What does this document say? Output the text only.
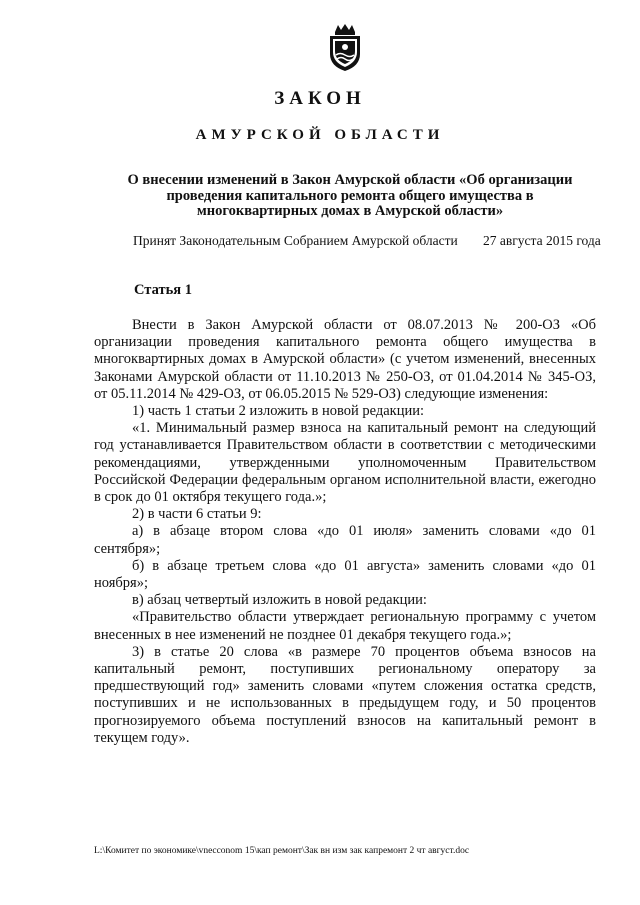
ЗАКОН
АМУРСКОЙ ОБЛАСТИ
О внесении изменений в Закон Амурской области «Об организации
проведения капитального ремонта общего имущества в
многоквартирных домах в Амурской области»
Принят Законодательным Собранием Амурской области 27 августа 2015 года
Статья 1

Внести в Закон Амурской области от 08.07.2013 № 200-ОЗ «Об организации проведения капитального ремонта общего имущества в многоквартирных домах в Амурской области» (с учетом изменений, внесенных Законами Амурской области от 11.10.2013 № 250-ОЗ, от 01.04.2014 № 345-ОЗ, от 05.11.2014 № 429-ОЗ, от 06.05.2015 № 529-ОЗ) следующие изменения:

1) часть 1 статьи 2 изложить в новой редакции:

«1. Минимальный размер взноса на капитальный ремонт на следующий год устанавливается Правительством области в соответствии с методическими рекомендациями, утвержденными уполномоченным Правительством Российской Федерации федеральным органом исполнительной власти, ежегодно в срок до 01 октября текущего года.»;

2) в части 6 статьи 9:

а) в абзаце втором слова «до 01 июля» заменить словами «до 01 сентября»;

б) в абзаце третьем слова «до 01 августа» заменить словами «до 01 ноября»;

в) абзац четвертый изложить в новой редакции:

«Правительство области утверждает региональную программу с учетом внесенных в нее изменений не позднее 01 декабря текущего года.»;

3) в статье 20 слова «в размере 70 процентов объема взносов на капитальный ремонт, поступивших региональному оператору за предшествующий год» заменить словами «путем сложения остатка средств, поступивших и не использованных в предыдущем году, и 50 процентов прогнозируемого объема поступлений взносов на капитальный ремонт в текущем году».

L:\Комитет по экономике\vnecconom 15\кап ремонт\Зак вн изм зак капремонт 2 чт август.doc
